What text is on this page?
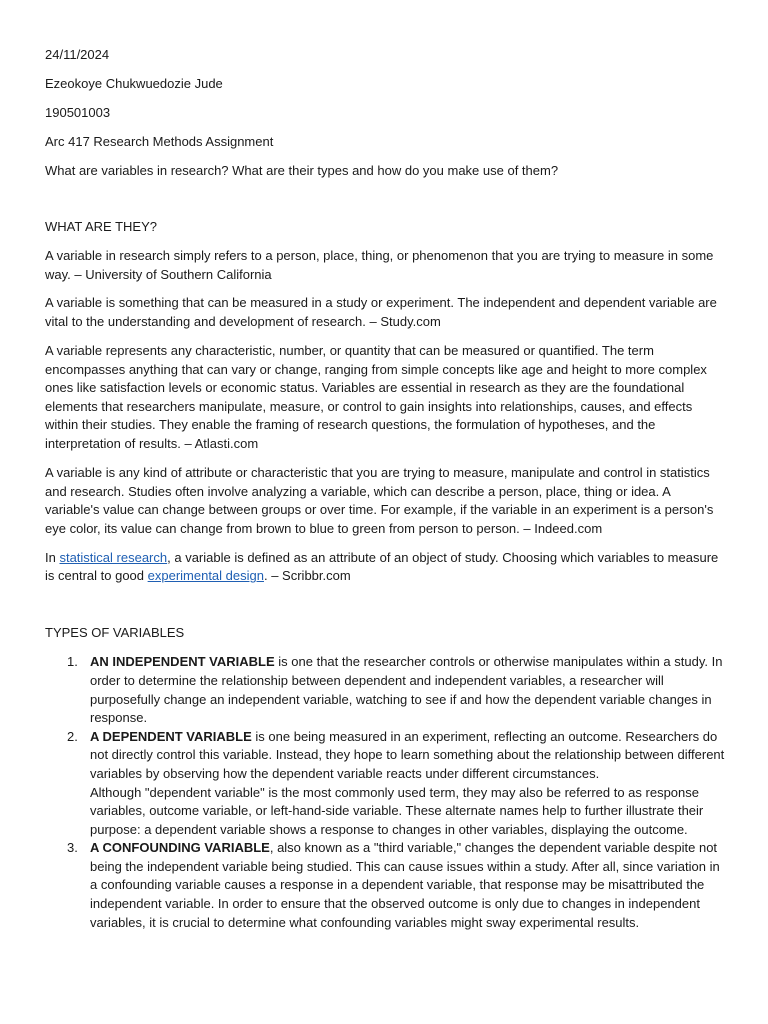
24/11/2024

Ezeokoye Chukwuedozie Jude

190501003

Arc 417 Research Methods Assignment

What are variables in research? What are their types and how do you make use of them?

WHAT ARE THEY?

A variable in research simply refers to a person, place, thing, or phenomenon that you are trying to measure in some way. – University of Southern California

A variable is something that can be measured in a study or experiment. The independent and dependent variable are vital to the understanding and development of research. – Study.com

A variable represents any characteristic, number, or quantity that can be measured or quantified. The term encompasses anything that can vary or change, ranging from simple concepts like age and height to more complex ones like satisfaction levels or economic status. Variables are essential in research as they are the foundational elements that researchers manipulate, measure, or control to gain insights into relationships, causes, and effects within their studies. They enable the framing of research questions, the formulation of hypotheses, and the interpretation of results. – Atlasti.com

A variable is any kind of attribute or characteristic that you are trying to measure, manipulate and control in statistics and research. Studies often involve analyzing a variable, which can describe a person, place, thing or idea. A variable's value can change between groups or over time. For example, if the variable in an experiment is a person's eye color, its value can change from brown to blue to green from person to person. – Indeed.com

In statistical research, a variable is defined as an attribute of an object of study. Choosing which variables to measure is central to good experimental design. – Scribbr.com

TYPES OF VARIABLES

1. AN INDEPENDENT VARIABLE is one that the researcher controls or otherwise manipulates within a study. In order to determine the relationship between dependent and independent variables, a researcher will purposefully change an independent variable, watching to see if and how the dependent variable changes in response.
2. A DEPENDENT VARIABLE is one being measured in an experiment, reflecting an outcome. Researchers do not directly control this variable. Instead, they hope to learn something about the relationship between different variables by observing how the dependent variable reacts under different circumstances.
Although "dependent variable" is the most commonly used term, they may also be referred to as response variables, outcome variable, or left-hand-side variable. These alternate names help to further illustrate their purpose: a dependent variable shows a response to changes in other variables, displaying the outcome.
3. A CONFOUNDING VARIABLE, also known as a "third variable," changes the dependent variable despite not being the independent variable being studied. This can cause issues within a study. After all, since variation in a confounding variable causes a response in a dependent variable, that response may be misattributed the independent variable. In order to ensure that the observed outcome is only due to changes in independent variables, it is crucial to determine what confounding variables might sway experimental results.
